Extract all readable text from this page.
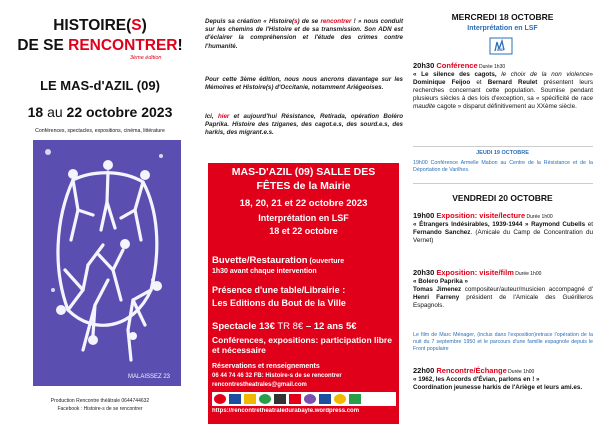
HISTOIRE(S)
DE SE RENCONTRER!
3ème édition
LE MAS-d'AZIL (09)
18 au 22 octobre 2023
Conférences, spectacles, expositions, cinéma, littérature
MALAISSEZ 23
Production Rencontre théâtrale 0644744632
Facebook : Histoire-s de se rencontrer
Depuis sa création « Histoire(s) de se rencontrer ! » nous conduit sur les chemins de l'Histoire et de sa transmission. Son ADN est d'éclairer la compréhension et l'étude des crimes contre l'humanité.
Pour cette 3ème édition, nous nous ancrons davantage sur les Mémoires et Histoire(s) d'Occitanie, notamment Ariégeoises.
Ici, hier et aujourd'hui Résistance, Retirada, opération Boléro Paprika. Histoire des tziganes, des cagot.e.s, des sourd.e.s, des harkis, des migrant.e.s.
MAS-D'AZIL (09) SALLE DES
FÊTES de la Mairie
18, 20, 21 et 22 octobre 2023
Interprétation en LSF
18 et 22 octobre
Buvette/Restauration (ouverture
1h30 avant chaque intervention
Présence d'une table/Librairie :
Les Editions du Bout de la Ville
Spectacle 13€ TR 8€ – 12 ans 5€
Conférences, expositions: participation libre et nécessaire
Réservations et renseignements
06 44 74 46 32 FB: Histoire-s de se rencontrer
rencontrestheatrales@gmail.com
https://rencontretheatraledurabayle.wordpress.com
MERCREDI 18 OCTOBRE
Interprétation en LSF
LSF
20h30 Conférence Durée 1h30
« Le silence des cagots, le choix de la non violence» Dominique Feijoo et Bernard Reulet présentent leurs recherches concernant cette population. Soumise pendant plusieurs siècles à des lois d'exception, sa « spécificité de race maudite cagote » disparut définitivement au XXème siècle.
JEUDI 19 OCTOBRE
19h00 Conférence Armelle Mabon au Centre de la Résistance et de la Déportation de Varilhes.
VENDREDI 20 OCTOBRE
19h00 Exposition: visite/lecture Durée 1h00
« Étrangers Indésirables, 1939-1944 » Raymond Cubells et Fernando Sanchez. (Amicale du Camp de Concentration du Vernet)
20h30 Exposition: visite/film Durée 1h00
« Bolero Paprika »
Tomas Jimenez compositeur/auteur/musicien accompagné d' Henri Farreny président de l'Amicale des Guérilleros Espagnols.
Le film de Marc Ménager, (inclus dans l'exposition)retrace l'opération de la nuit du 7 septembre 1950 et le parcours d'une famille espagnole depuis le Front populaire
22h00 Rencontre/Échange Durée 1h00
« 1962, les Accords d'Évian, parlons en ! »
Coordination jeunesse harkis de l'Ariège et leurs ami.es.
